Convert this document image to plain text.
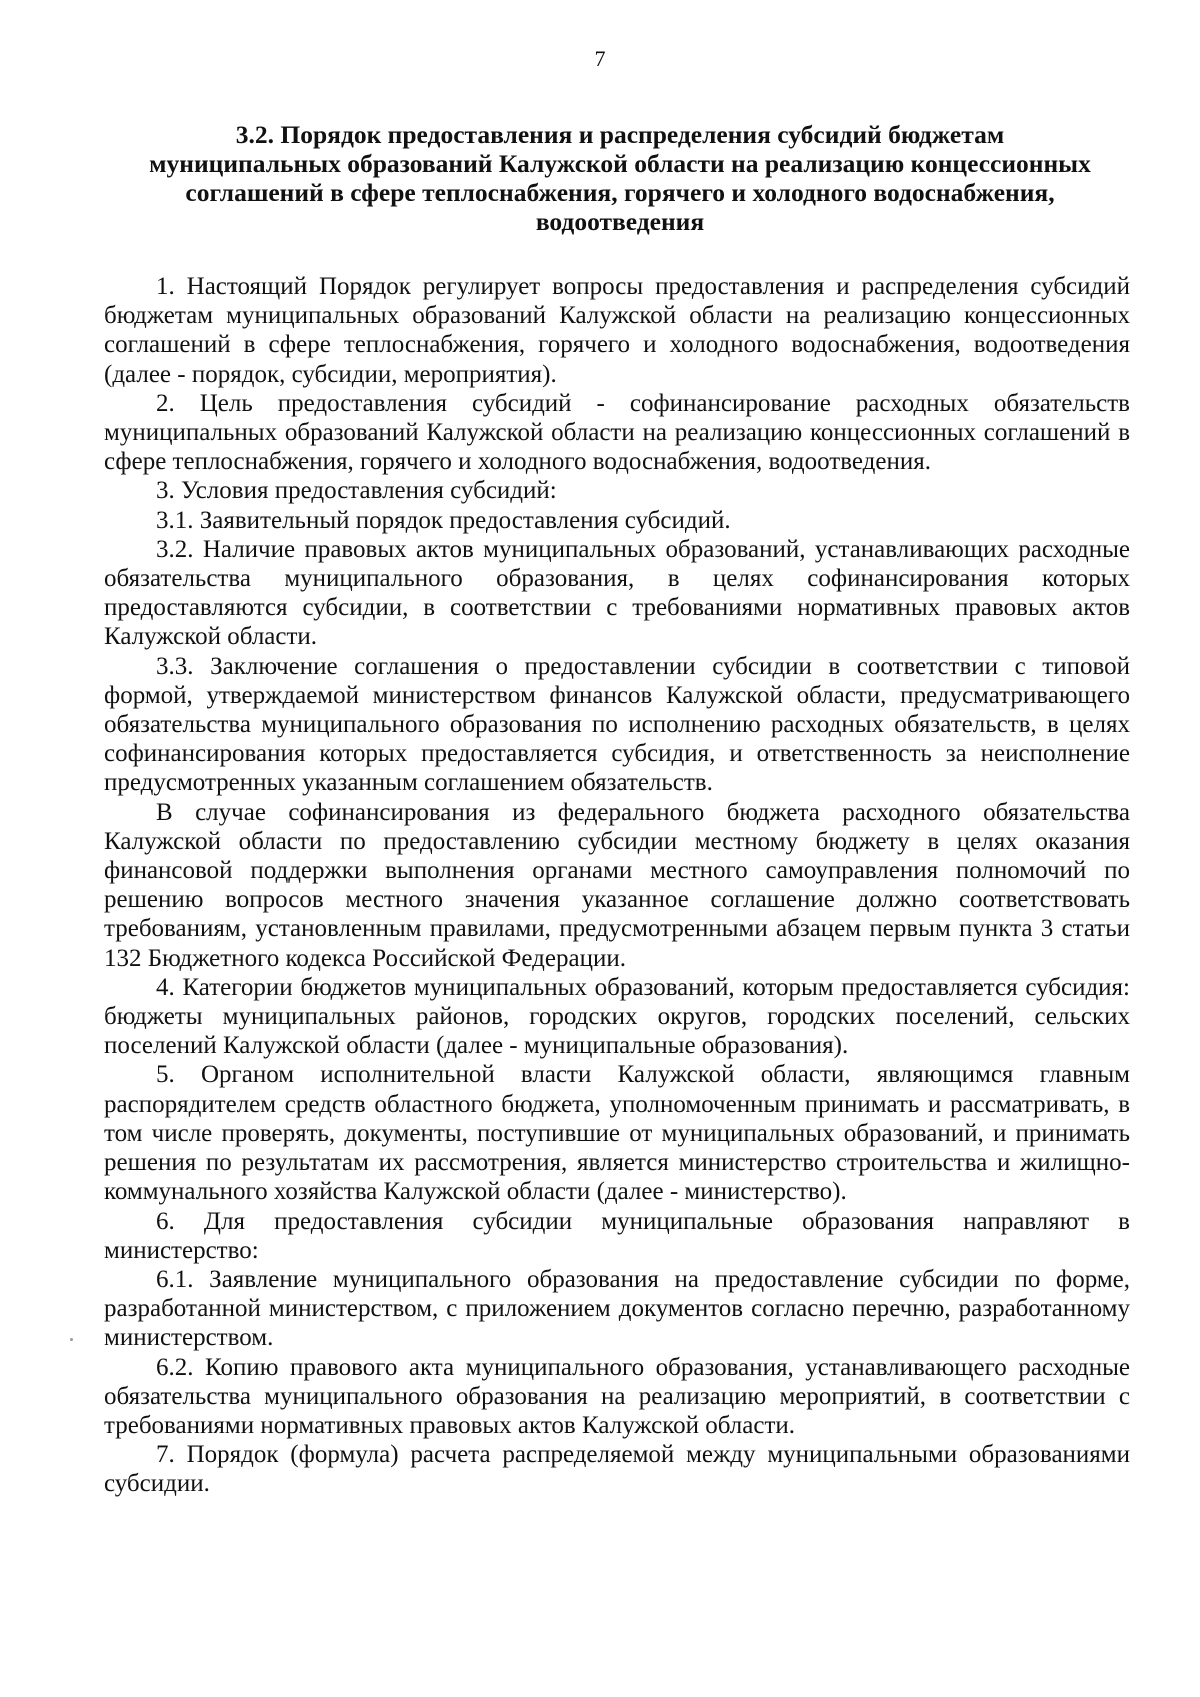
7
3.2. Порядок предоставления и распределения субсидий бюджетам
муниципальных образований Калужской области на реализацию концессионных
соглашений в сфере теплоснабжения, горячего и холодного водоснабжения,
водоотведения

1. Настоящий Порядок регулирует вопросы предоставления и распределения субсидий бюджетам муниципальных образований Калужской области на реализацию концессионных соглашений в сфере теплоснабжения, горячего и холодного водоснабжения, водоотведения (далее - порядок, субсидии, мероприятия).

2. Цель предоставления субсидий - софинансирование расходных обязательств муниципальных образований Калужской области на реализацию концессионных соглашений в сфере теплоснабжения, горячего и холодного водоснабжения, водоотведения.

3. Условия предоставления субсидий:

3.1. Заявительный порядок предоставления субсидий.

3.2. Наличие правовых актов муниципальных образований, устанавливающих расходные обязательства муниципального образования, в целях софинансирования которых предоставляются субсидии, в соответствии с требованиями нормативных правовых актов Калужской области.

3.3. Заключение соглашения о предоставлении субсидии в соответствии с типовой формой, утверждаемой министерством финансов Калужской области, предусматривающего обязательства муниципального образования по исполнению расходных обязательств, в целях софинансирования которых предоставляется субсидия, и ответственность за неисполнение предусмотренных указанным соглашением обязательств.

В случае софинансирования из федерального бюджета расходного обязательства Калужской области по предоставлению субсидии местному бюджету в целях оказания финансовой поддержки выполнения органами местного самоуправления полномочий по решению вопросов местного значения указанное соглашение должно соответствовать требованиям, установленным правилами, предусмотренными абзацем первым пункта 3 статьи 132 Бюджетного кодекса Российской Федерации.

4. Категории бюджетов муниципальных образований, которым предоставляется субсидия: бюджеты муниципальных районов, городских округов, городских поселений, сельских поселений Калужской области (далее - муниципальные образования).

5. Органом исполнительной власти Калужской области, являющимся главным распорядителем средств областного бюджета, уполномоченным принимать и рассматривать, в том числе проверять, документы, поступившие от муниципальных образований, и принимать решения по результатам их рассмотрения, является министерство строительства и жилищно-коммунального хозяйства Калужской области (далее - министерство).

6. Для предоставления субсидии муниципальные образования направляют в министерство:

6.1. Заявление муниципального образования на предоставление субсидии по форме, разработанной министерством, с приложением документов согласно перечню, разработанному министерством.

6.2. Копию правового акта муниципального образования, устанавливающего расходные обязательства муниципального образования на реализацию мероприятий, в соответствии с требованиями нормативных правовых актов Калужской области.

7. Порядок (формула) расчета распределяемой между муниципальными образованиями субсидии.
